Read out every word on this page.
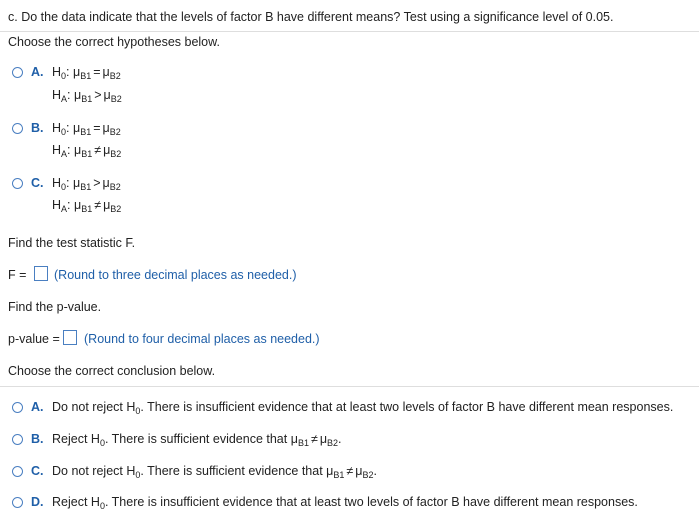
c. Do the data indicate that the levels of factor B have different means? Test using a significance level of 0.05.
Choose the correct hypotheses below.
A. $H_0$: $\mu_{B1} = \mu_{B2}$
$H_A$: $\mu_{B1} > \mu_{B2}$
B. $H_0$: $\mu_{B1} = \mu_{B2}$
$H_A$: $\mu_{B1} \ne \mu_{B2}$
C. $H_0$: $\mu_{B1} > \mu_{B2}$
$H_A$: $\mu_{B1} \ne \mu_{B2}$
Find the test statistic F.
F = (Round to three decimal places as needed.)
Find the p-value.
p-value = (Round to four decimal places as needed.)
Choose the correct conclusion below.
A. Do not reject $H_0$. There is insufficient evidence that at least two levels of factor B have different mean responses.
B. Reject $H_0$. There is sufficient evidence that $\mu_{B1} \ne \mu_{B2}$.
C. Do not reject $H_0$. There is sufficient evidence that $\mu_{B1} \ne \mu_{B2}$.
D. Reject $H_0$. There is insufficient evidence that at least two levels of factor B have different mean responses.
